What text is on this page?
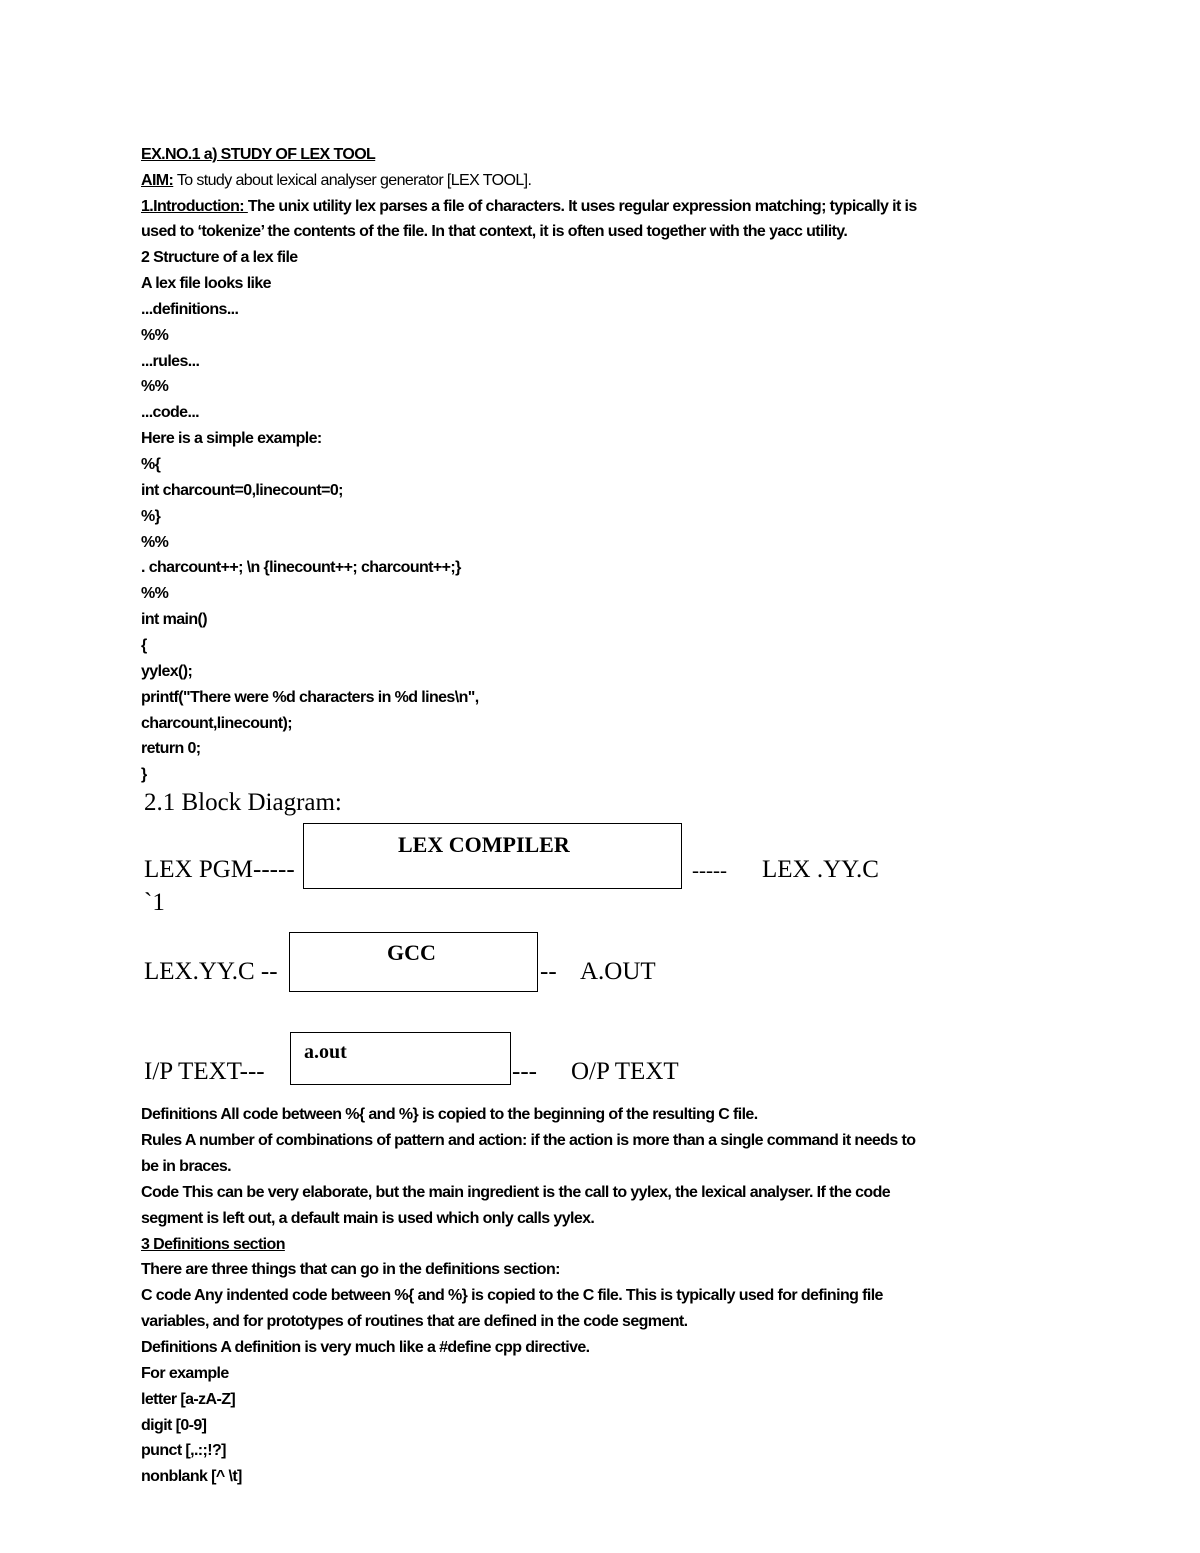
EX.NO.1 a) STUDY OF LEX TOOL
AIM: To study about lexical analyser generator [LEX TOOL].
1.Introduction: The unix utility lex parses a file of characters. It uses regular expression matching; typically it is
used to ‘tokenize’ the contents of the file. In that context, it is often used together with the yacc utility.
2 Structure of a lex file
A lex file looks like
...definitions...
%%
...rules...
%%
...code...
Here is a simple example:
%{
int charcount=0,linecount=0;
%}
%%
. charcount++; \n {linecount++; charcount++;}
%%
int main()
{
yylex();
printf("There were %d characters in %d lines\n",
charcount,linecount);
return 0;
}
2.1 Block Diagram:
LEX PGM-----
LEX COMPILER
----- LEX .YY.C
`1
LEX.YY.C --
GCC
-- A.OUT
I/P TEXT---
a.out
--- O/P TEXT
Definitions All code between %{ and %} is copied to the beginning of the resulting C file.
Rules A number of combinations of pattern and action: if the action is more than a single command it needs to
be in braces.
Code This can be very elaborate, but the main ingredient is the call to yylex, the lexical analyser. If the code
segment is left out, a default main is used which only calls yylex.
3 Definitions section
There are three things that can go in the definitions section:
C code Any indented code between %{ and %} is copied to the C file. This is typically used for defining file
variables, and for prototypes of routines that are defined in the code segment.
Definitions A definition is very much like a #define cpp directive.
For example
letter [a-zA-Z]
digit [0-9]
punct [,.:;!?]
nonblank [^ \t]
